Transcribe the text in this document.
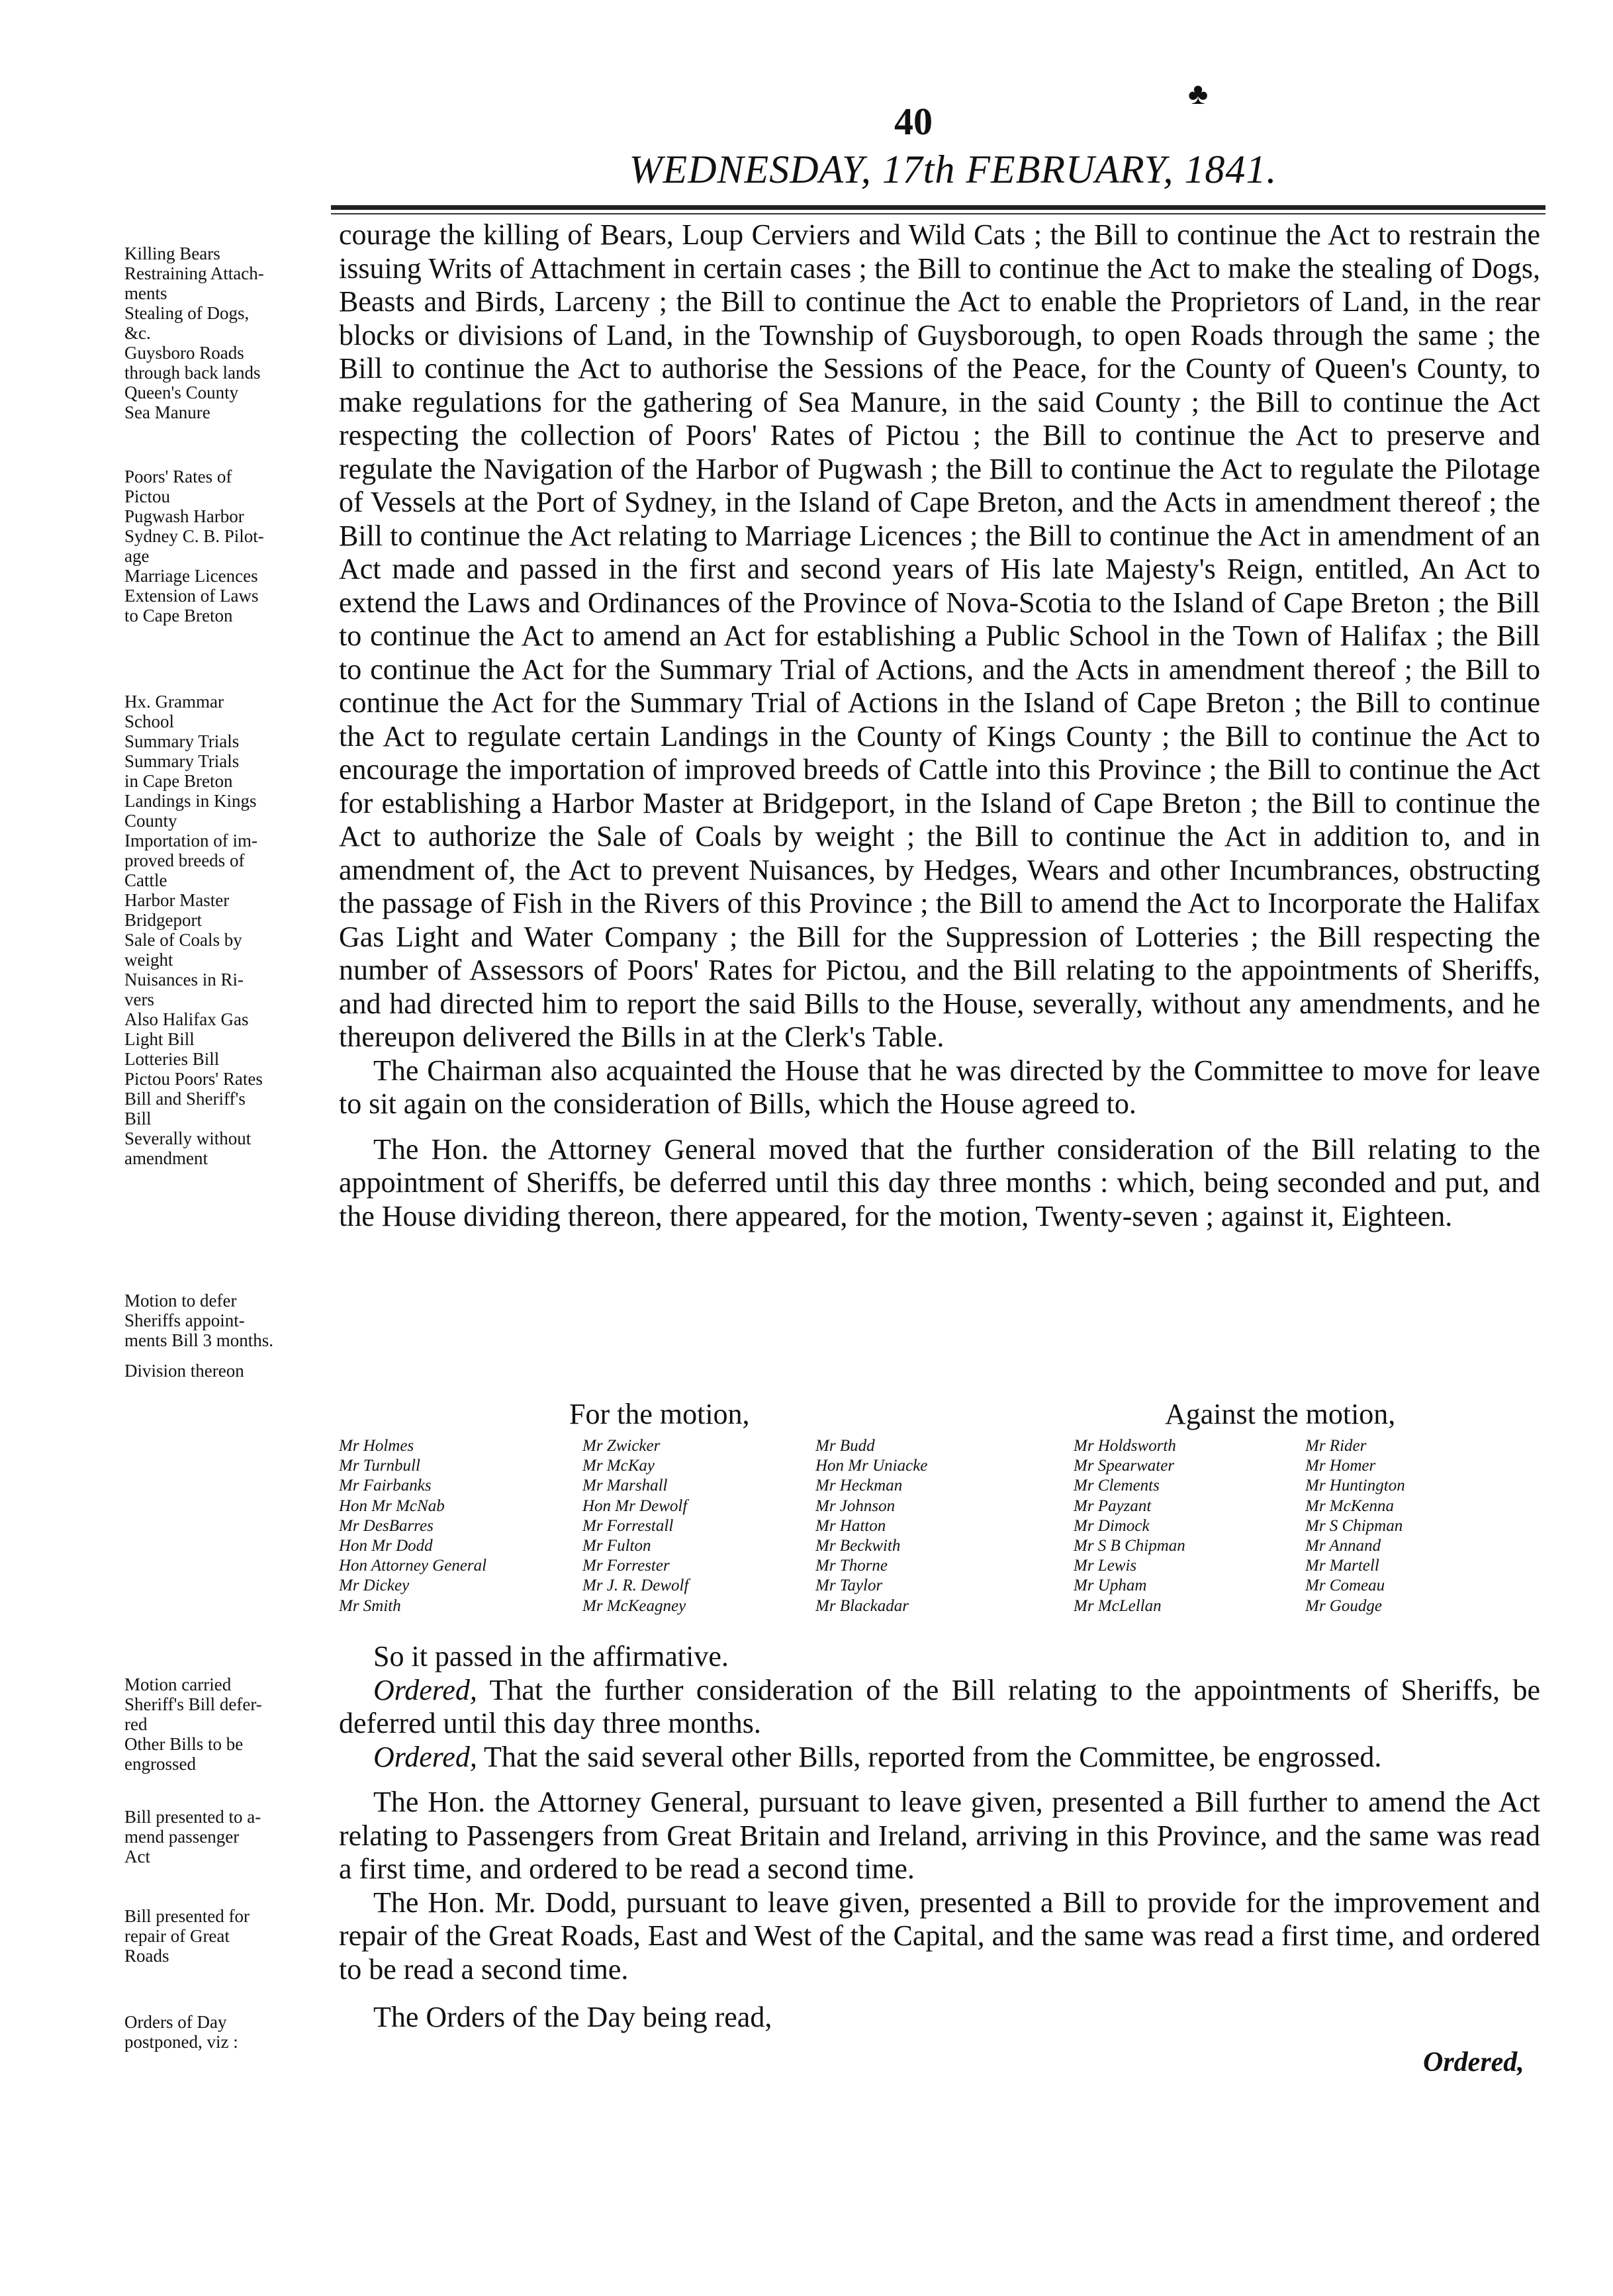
40
♣
WEDNESDAY, 17th FEBRUARY, 1841.
Killing Bears
Restraining Attach-
ments
Stealing of Dogs,
&c.
Guysboro Roads
through back lands
Queen's County
Sea Manure
Poors' Rates of
Pictou
Pugwash Harbor
Sydney C. B. Pilot-
age
Marriage Licences
Extension of Laws
to Cape Breton
Hx. Grammar
School
Summary Trials
Summary Trials
in Cape Breton
Landings in Kings
County
Importation of im-
proved breeds of
Cattle
Harbor Master
Bridgeport
Sale of Coals by
weight
Nuisances in Ri-
vers
Also Halifax Gas
Light Bill
Lotteries Bill
Pictou Poors' Rates
Bill and Sheriff's
Bill
Severally without
amendment
Motion to defer
Sheriffs appoint-
ments Bill 3 months.
Division thereon
Motion carried
Sheriff's Bill defer-
red
Other Bills to be
engrossed
Bill presented to a-
mend passenger
Act
Bill presented for
repair of Great
Roads
Orders of Day
postponed, viz :

courage the killing of Bears, Loup Cerviers and Wild Cats ; the Bill to continue the Act to restrain the issuing Writs of Attachment in certain cases ; the Bill to continue the Act to make the stealing of Dogs, Beasts and Birds, Larceny ; the Bill to continue the Act to enable the Proprietors of Land, in the rear blocks or divisions of Land, in the Township of Guysborough, to open Roads through the same ; the Bill to continue the Act to authorise the Sessions of the Peace, for the County of Queen's County, to make regulations for the gathering of Sea Manure, in the said County ; the Bill to continue the Act respecting the collection of Poors' Rates of Pictou ; the Bill to continue the Act to preserve and regulate the Navigation of the Harbor of Pugwash ; the Bill to continue the Act to regulate the Pilotage of Vessels at the Port of Sydney, in the Island of Cape Breton, and the Acts in amendment thereof ; the Bill to continue the Act relating to Marriage Licences ; the Bill to continue the Act in amendment of an Act made and passed in the first and second years of His late Majesty's Reign, entitled, An Act to extend the Laws and Ordinances of the Province of Nova-Scotia to the Island of Cape Breton ; the Bill to continue the Act to amend an Act for establishing a Public School in the Town of Halifax ; the Bill to continue the Act for the Summary Trial of Actions, and the Acts in amendment thereof ; the Bill to continue the Act for the Summary Trial of Actions in the Island of Cape Breton ; the Bill to continue the Act to regulate certain Landings in the County of Kings County ; the Bill to continue the Act to encourage the importation of improved breeds of Cattle into this Province ; the Bill to continue the Act for establishing a Harbor Master at Bridgeport, in the Island of Cape Breton ; the Bill to continue the Act to authorize the Sale of Coals by weight ; the Bill to continue the Act in addition to, and in amendment of, the Act to prevent Nuisances, by Hedges, Wears and other Incumbrances, obstructing the passage of Fish in the Rivers of this Province ; the Bill to amend the Act to Incorporate the Halifax Gas Light and Water Company ; the Bill for the Suppression of Lotteries ; the Bill respecting the number of Assessors of Poors' Rates for Pictou, and the Bill relating to the appointments of Sheriffs, and had directed him to report the said Bills to the House, severally, without any amendments, and he thereupon delivered the Bills in at the Clerk's Table.

The Chairman also acquainted the House that he was directed by the Committee to move for leave to sit again on the consideration of Bills, which the House agreed to.

The Hon. the Attorney General moved that the further consideration of the Bill relating to the appointment of Sheriffs, be deferred until this day three months : which, being seconded and put, and the House dividing thereon, there appeared, for the motion, Twenty-seven ; against it, Eighteen.

For the motion,	Against the motion,
Mr Holmes
Mr Turnbull
Mr Fairbanks
Hon Mr McNab
Mr DesBarres
Hon Mr Dodd
Hon Attorney General
Mr Dickey
Mr Smith
Mr Zwicker
Mr McKay
Mr Marshall
Hon Mr Dewolf
Mr Forrestall
Mr Fulton
Mr Forrester
Mr J. R. Dewolf
Mr McKeagney
Mr Budd
Hon Mr Uniacke
Mr Heckman
Mr Johnson
Mr Hatton
Mr Beckwith
Mr Thorne
Mr Taylor
Mr Blackadar
Mr Holdsworth
Mr Spearwater
Mr Clements
Mr Payzant
Mr Dimock
Mr S B Chipman
Mr Lewis
Mr Upham
Mr McLellan
Mr Rider
Mr Homer
Mr Huntington
Mr McKenna
Mr S Chipman
Mr Annand
Mr Martell
Mr Comeau
Mr Goudge

So it passed in the affirmative.

Ordered, That the further consideration of the Bill relating to the appointments of Sheriffs, be deferred until this day three months.

Ordered, That the said several other Bills, reported from the Committee, be engrossed.

The Hon. the Attorney General, pursuant to leave given, presented a Bill further to amend the Act relating to Passengers from Great Britain and Ireland, arriving in this Province, and the same was read a first time, and ordered to be read a second time.

The Hon. Mr. Dodd, pursuant to leave given, presented a Bill to provide for the improvement and repair of the Great Roads, East and West of the Capital, and the same was read a first time, and ordered to be read a second time.

The Orders of the Day being read,

Ordered,
